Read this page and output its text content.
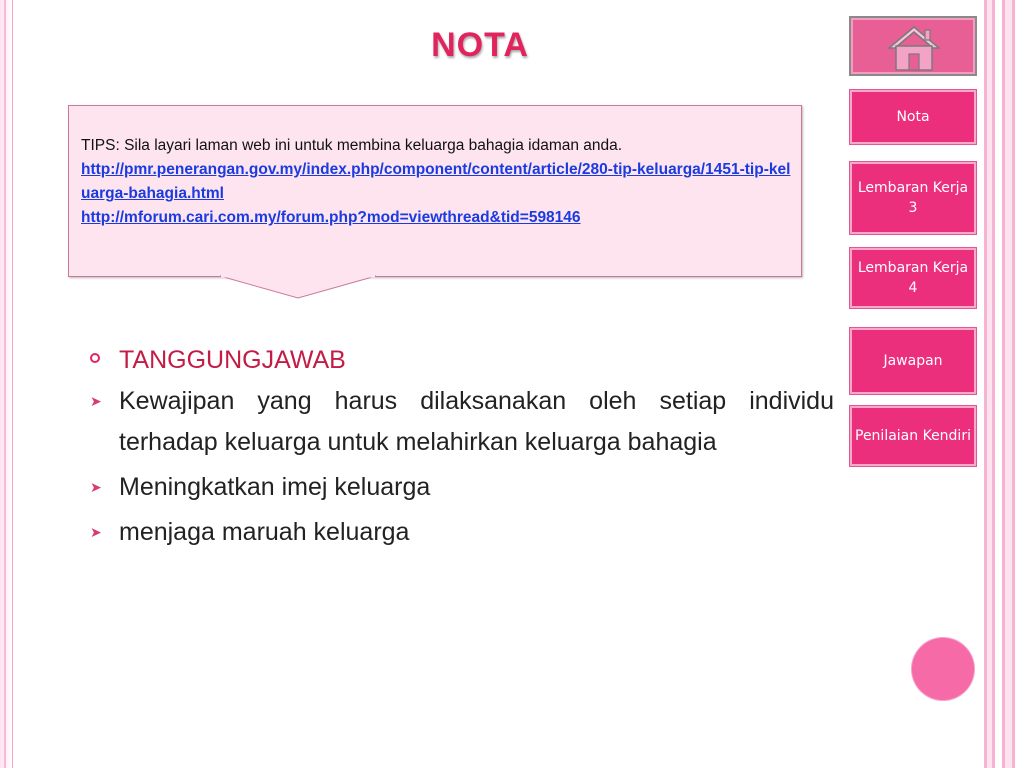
NOTA

TIPS: Sila layari laman web ini untuk membina keluarga bahagia idaman anda.

http://pmr.penerangan.gov.my/index.php/component/content/article/280-tip-keluarga/1451-tip-keluarga-bahagia.html
http://mforum.cari.com.my/forum.php?mod=viewthread&tid=598146
Nota
Lembaran Kerja 3
Lembaran Kerja 4
Jawapan
Penilaian Kendiri
TANGGUNGJAWAB
➤ Kewajipan yang harus dilaksanakan oleh setiap individu terhadap keluarga untuk melahirkan keluarga bahagia
➤ Meningkatkan imej keluarga
➤ menjaga maruah keluarga
